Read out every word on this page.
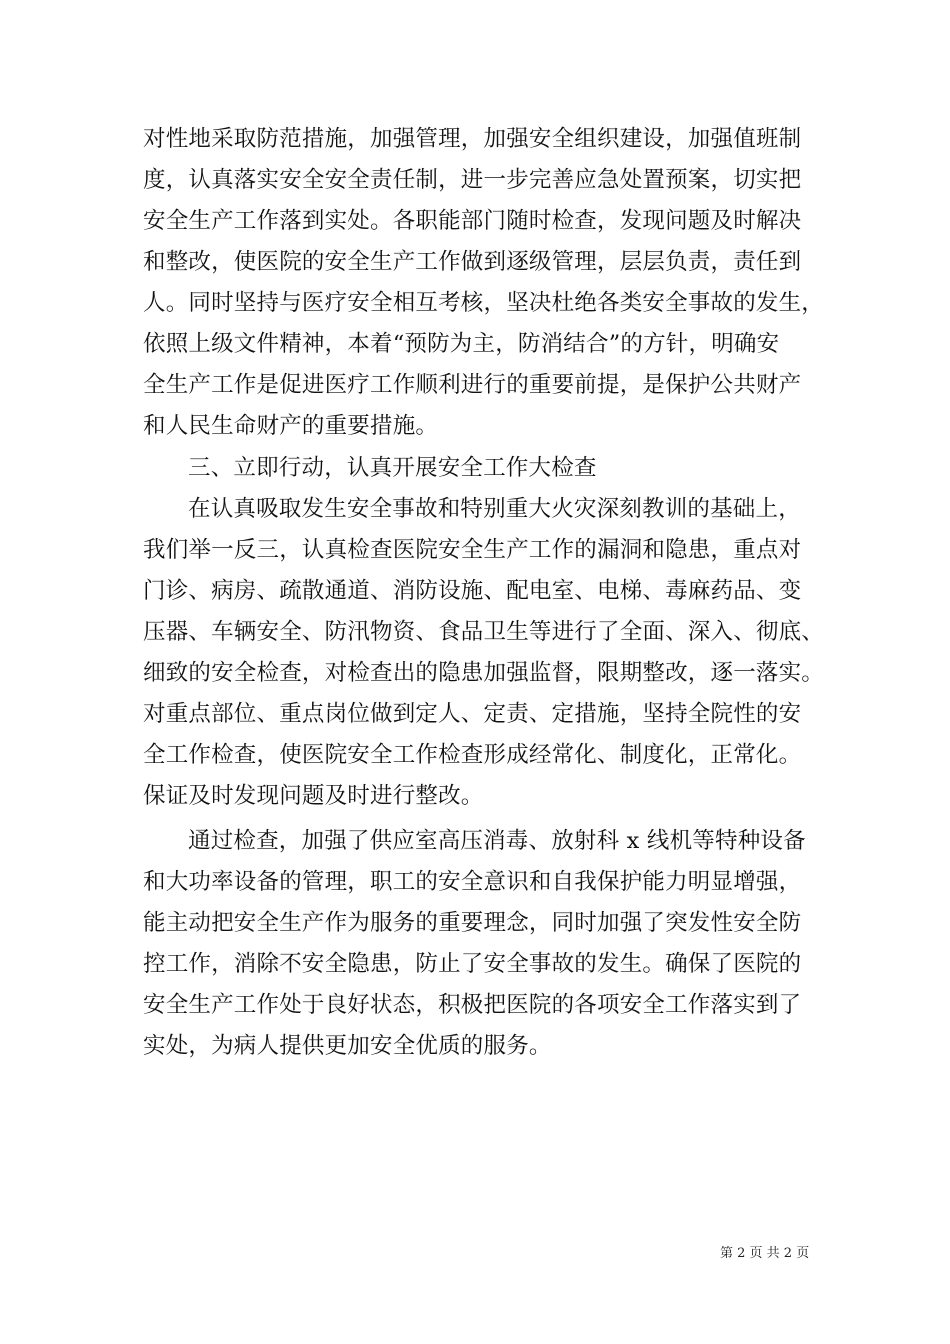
对性地采取防范措施，加强管理，加强安全组织建设，加强值班制
度，认真落实安全安全责任制，进一步完善应急处置预案，切实把
安全生产工作落到实处。各职能部门随时检查，发现问题及时解决
和整改，使医院的安全生产工作做到逐级管理，层层负责，责任到
人。同时坚持与医疗安全相互考核，坚决杜绝各类安全事故的发生，
依照上级文件精神，本着“预防为主，防消结合”的方针，明确安
全生产工作是促进医疗工作顺利进行的重要前提，是保护公共财产
和人民生命财产的重要措施。
三、立即行动，认真开展安全工作大检查
在认真吸取发生安全事故和特别重大火灾深刻教训的基础上，
我们举一反三，认真检查医院安全生产工作的漏洞和隐患，重点对
门诊、病房、疏散通道、消防设施、配电室、电梯、毒麻药品、变
压器、车辆安全、防汛物资、食品卫生等进行了全面、深入、彻底、
细致的安全检查，对检查出的隐患加强监督，限期整改，逐一落实。
对重点部位、重点岗位做到定人、定责、定措施，坚持全院性的安
全工作检查，使医院安全工作检查形成经常化、制度化，正常化。
保证及时发现问题及时进行整改。
通过检查，加强了供应室高压消毒、放射科 x 线机等特种设备
和大功率设备的管理，职工的安全意识和自我保护能力明显增强，
能主动把安全生产作为服务的重要理念，同时加强了突发性安全防
控工作，消除不安全隐患，防止了安全事故的发生。确保了医院的
安全生产工作处于良好状态，积极把医院的各项安全工作落实到了
实处，为病人提供更加安全优质的服务。
第 2 页 共 2 页
